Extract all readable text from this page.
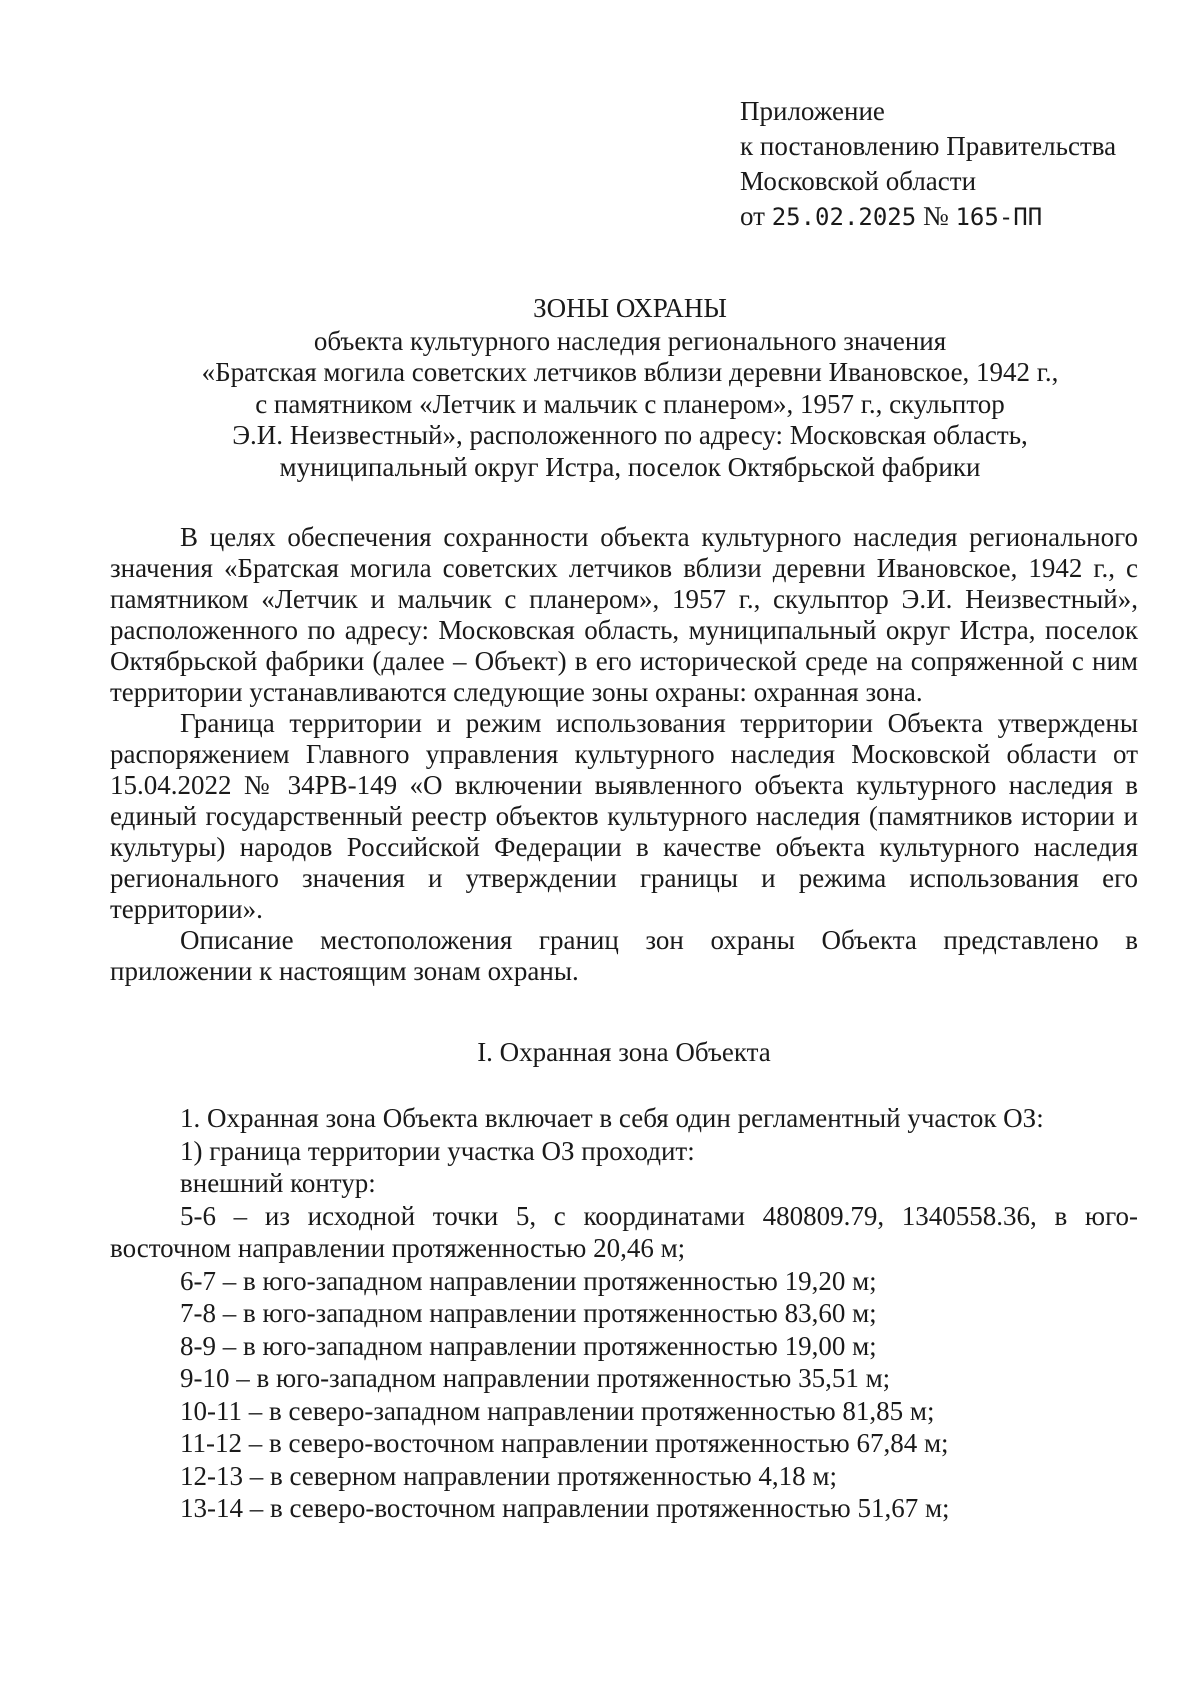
Приложение
к постановлению Правительства
Московской области
от 25.02.2025 № 165-ПП
ЗОНЫ ОХРАНЫ
объекта культурного наследия регионального значения
«Братская могила советских летчиков вблизи деревни Ивановское, 1942 г.,
с памятником «Летчик и мальчик с планером», 1957 г., скульптор
Э.И. Неизвестный», расположенного по адресу: Московская область,
муниципальный округ Истра, поселок Октябрьской фабрики

В целях обеспечения сохранности объекта культурного наследия регионального значения «Братская могила советских летчиков вблизи деревни Ивановское, 1942 г., с памятником «Летчик и мальчик с планером», 1957 г., скульптор Э.И. Неизвестный», расположенного по адресу: Московская область, муниципальный округ Истра, поселок Октябрьской фабрики (далее – Объект) в его исторической среде на сопряженной с ним территории устанавливаются следующие зоны охраны: охранная зона.

Граница территории и режим использования территории Объекта утверждены распоряжением Главного управления культурного наследия Московской области от 15.04.2022 № 34РВ-149 «О включении выявленного объекта культурного наследия в единый государственный реестр объектов культурного наследия (памятников истории и культуры) народов Российской Федерации в качестве объекта культурного наследия регионального значения и утверждении границы и режима использования его территории».

Описание местоположения границ зон охраны Объекта представлено в приложении к настоящим зонам охраны.

I. Охранная зона Объекта

1. Охранная зона Объекта включает в себя один регламентный участок ОЗ:

1) граница территории участка ОЗ проходит:

внешний контур:

5-6 – из исходной точки 5, с координатами 480809.79, 1340558.36, в юго-восточном направлении протяженностью 20,46 м;

6-7 – в юго-западном направлении протяженностью 19,20 м;

7-8 – в юго-западном направлении протяженностью 83,60 м;

8-9 – в юго-западном направлении протяженностью 19,00 м;

9-10 – в юго-западном направлении протяженностью 35,51 м;

10-11 – в северо-западном направлении протяженностью 81,85 м;

11-12 – в северо-восточном направлении протяженностью 67,84 м;

12-13 – в северном направлении протяженностью 4,18 м;

13-14 – в северо-восточном направлении протяженностью 51,67 м;
